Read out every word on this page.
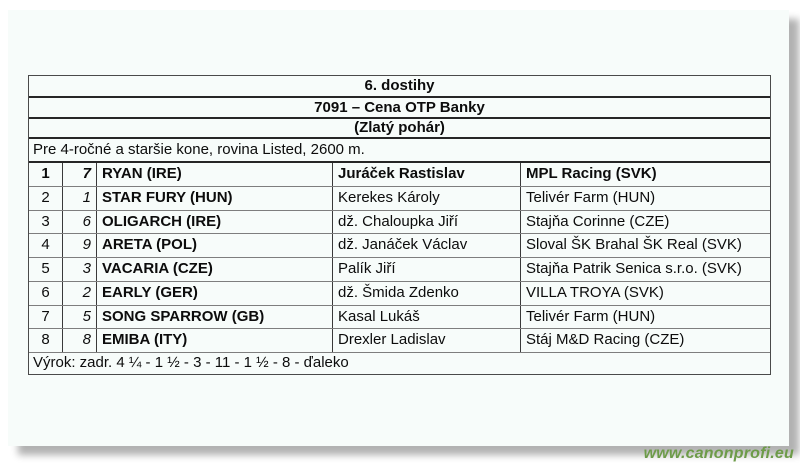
6. dostihy
7091 – Cena OTP Banky
(Zlatý pohár)
Pre 4-ročné a staršie kone, rovina Listed, 2600 m.
1	7 RYAN (IRE)	Juráček Rastislav	MPL Racing (SVK)
2	1 STAR FURY (HUN)	Kerekes Károly	Telivér Farm (HUN)
3	6 OLIGARCH (IRE)	dž. Chaloupka Jiří	Stajňa Corinne (CZE)
4	9 ARETA (POL)	dž. Janáček Václav	Sloval ŠK Brahal ŠK Real (SVK)
5	3 VACARIA (CZE)	Palík Jiří	Stajňa Patrik Senica s.r.o. (SVK)
6	2 EARLY (GER)	dž. Šmida Zdenko	VILLA TROYA (SVK)
7	5 SONG SPARROW (GB)	Kasal Lukáš	Telivér Farm (HUN)
8	8 EMIBA (ITY)	Drexler Ladislav	Stáj M&D Racing (CZE)
Výrok: zadr. 4 ¼ - 1 ½ - 3 - 11 - 1 ½ - 8 - ďaleko
www.canonprofi.eu
